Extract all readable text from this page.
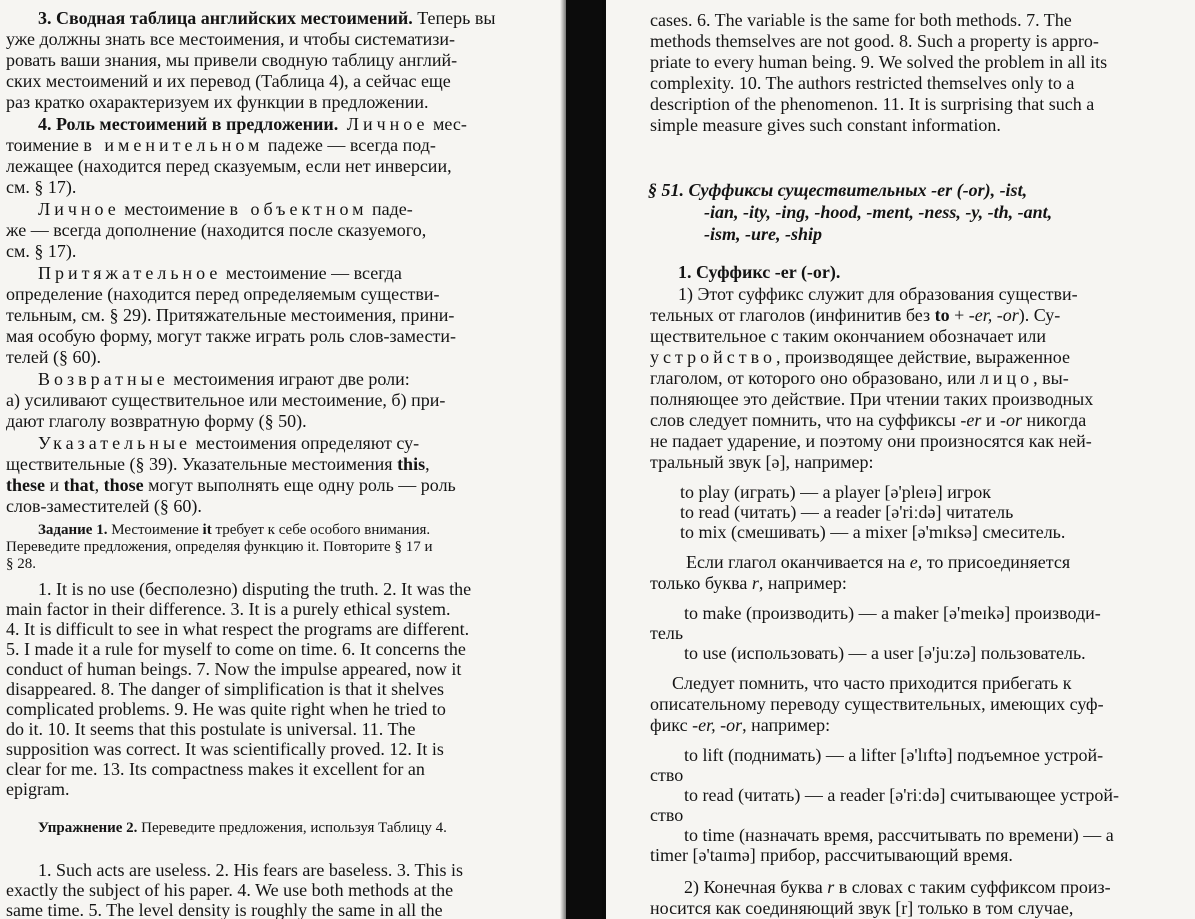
3. Сводная таблица английских местоимений. Теперь вы
уже должны знать все местоимения, и чтобы систематизи-
ровать ваши знания, мы привели сводную таблицу англий-
ских местоимений и их перевод (Таблица 4), а сейчас еще
раз кратко охарактеризуем их функции в предложении.
4. Роль местоимений в предложении. Личное мес-
тоимение в именительном падеже — всегда под-
лежащее (находится перед сказуемым, если нет инверсии,
см. § 17).
Личное местоимение в объектном паде-
же — всегда дополнение (находится после сказуемого,
см. § 17).
Притяжательное местоимение — всегда
определение (находится перед определяемым существи-
тельным, см. § 29). Притяжательные местоимения, прини-
мая особую форму, могут также играть роль слов-замести-
телей (§ 60).
Возвратные местоимения играют две роли:
а) усиливают существительное или местоимение, б) при-
дают глаголу возвратную форму (§ 50).
Указательные местоимения определяют су-
ществительные (§ 39). Указательные местоимения this,
these и that, those могут выполнять еще одну роль — роль
слов-заместителей (§ 60).
Задание 1. Местоимение it требует к себе особого внимания.
Переведите предложения, определяя функцию it. Повторите § 17 и
§ 28.
1. It is no use (бесполезно) disputing the truth. 2. It was the
main factor in their difference. 3. It is a purely ethical system.
4. It is difficult to see in what respect the programs are different.
5. I made it a rule for myself to come on time. 6. It concerns the
conduct of human beings. 7. Now the impulse appeared, now it
disappeared. 8. The danger of simplification is that it shelves
complicated problems. 9. He was quite right when he tried to
do it. 10. It seems that this postulate is universal. 11. The
supposition was correct. It was scientifically proved. 12. It is
clear for me. 13. Its compactness makes it excellent for an
epigram.
Упражнение 2. Переведите предложения, используя Таблицу 4.
1. Such acts are useless. 2. His fears are baseless. 3. This is
exactly the subject of his paper. 4. We use both methods at the
same time. 5. The level density is roughly the same in all the
cases. 6. The variable is the same for both methods. 7. The
methods themselves are not good. 8. Such a property is appro-
priate to every human being. 9. We solved the problem in all its
complexity. 10. The authors restricted themselves only to a
description of the phenomenon. 11. It is surprising that such a
simple measure gives such constant information.
§ 51. Суффиксы существительных -er (-or), -ist,
-ian, -ity, -ing, -hood, -ment, -ness, -y, -th, -ant,
-ism, -ure, -ship
1. Суффикс -er (-or).
1) Этот суффикс служит для образования существи-
тельных от глаголов (инфинитив без to + -er, -or). Су-
ществительное с таким окончанием обозначает или
устройство, производящее действие, выраженное
глаголом, от которого оно образовано, или лицо, вы-
полняющее это действие. При чтении таких производных
слов следует помнить, что на суффиксы -er и -or никогда
не падает ударение, и поэтому они произносятся как ней-
тральный звук [ə], например:
to play (играть) — a player [ə'pleɪə] игрок
to read (читать) — a reader [ə'riːdə] читатель
to mix (смешивать) — a mixer [ə'mɪksə] смеситель.
Если глагол оканчивается на e, то присоединяется
только буква r, например:
to make (производить) — a maker [ə'meɪkə] производи-
тель
to use (использовать) — a user [ə'juːzə] пользователь.
Следует помнить, что часто приходится прибегать к
описательному переводу существительных, имеющих суф-
фикс -er, -or, например:
to lift (поднимать) — a lifter [ə'lɪftə] подъемное устрой-
ство
to read (читать) — a reader [ə'riːdə] считывающее устрой-
ство
to time (назначать время, рассчитывать по времени) — a
timer [ə'taɪmə] прибор, рассчитывающий время.
2) Конечная буква r в словах с таким суффиксом произ-
носится как соединяющий звук [r] только в том случае,
